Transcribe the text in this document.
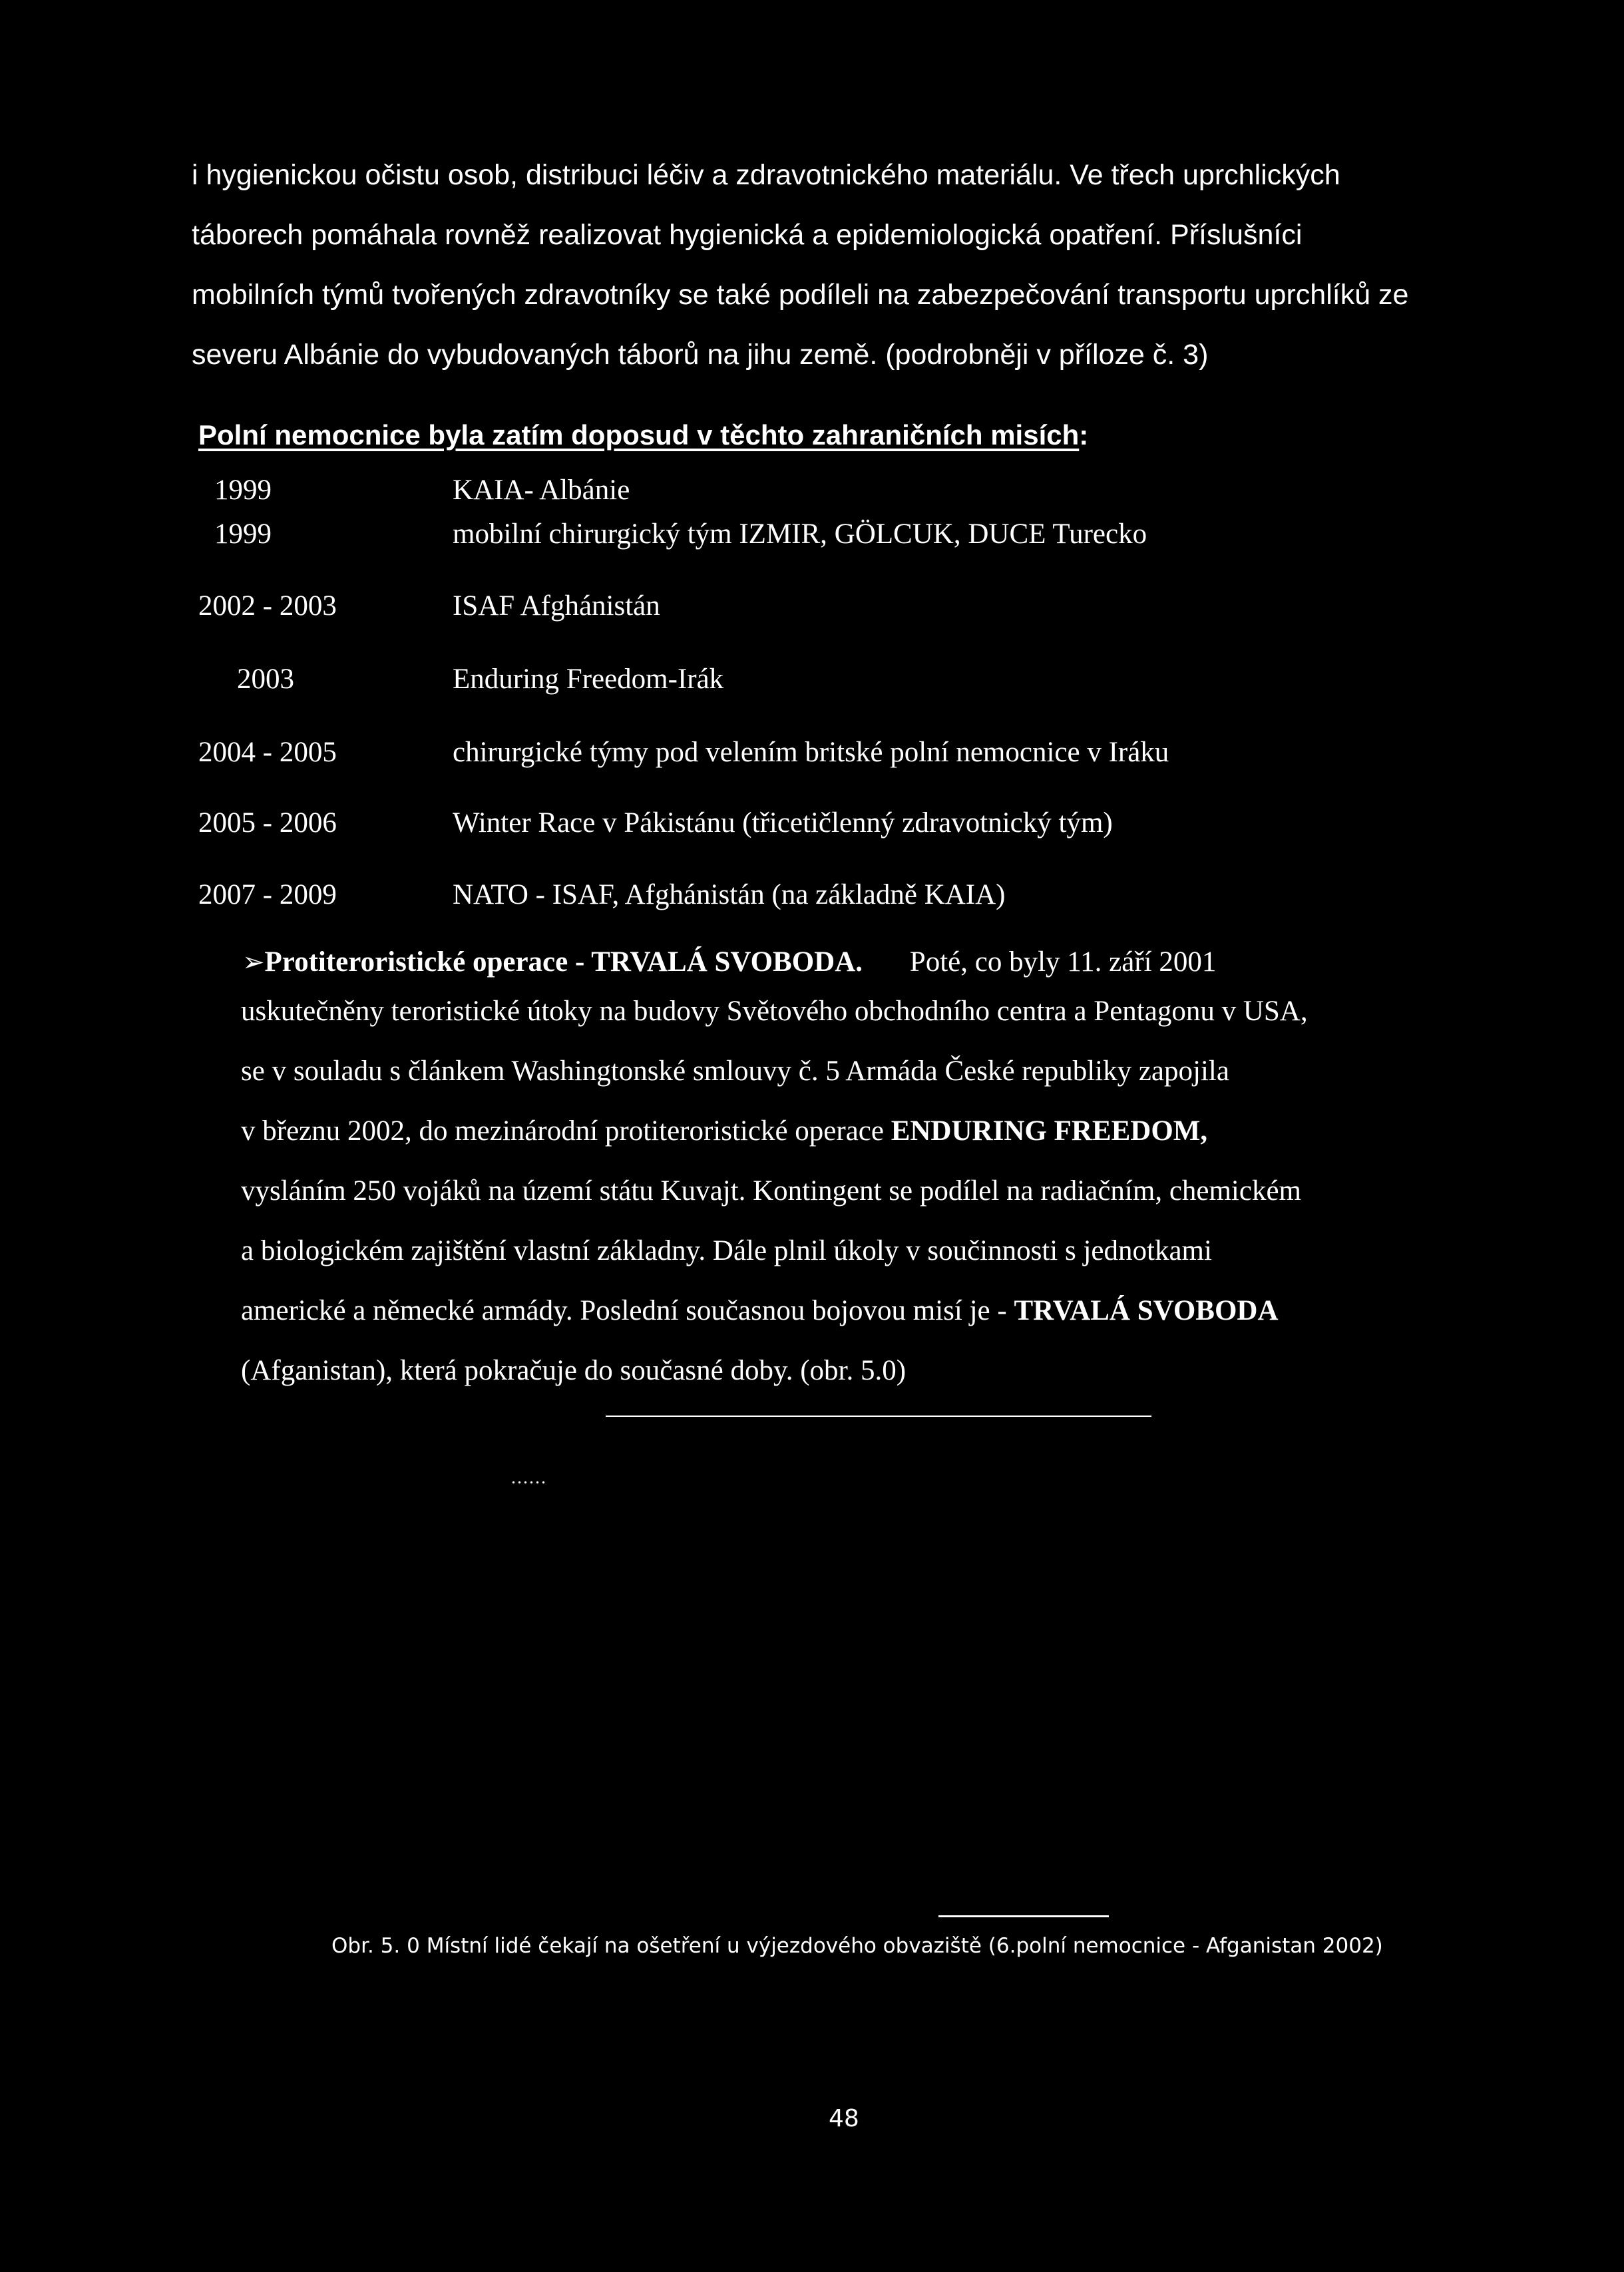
i hygienickou očistu osob, distribuci léčiv a zdravotnického materiálu. Ve třech uprchlických
táborech pomáhala rovněž realizovat hygienická a epidemiologická opatření. Příslušníci
mobilních týmů tvořených zdravotníky se také podíleli na zabezpečování transportu uprchlíků ze
severu Albánie do vybudovaných táborů na jihu země. (podrobněji v příloze č. 3)
Polní nemocnice byla zatím doposud v těchto zahraničních misích:
1999	KAIA- Albánie
1999	mobilní chirurgický tým IZMIR, GÖLCUK, DUCE Turecko
2002 - 2003	ISAF Afghánistán
2003	Enduring Freedom-Irák
2004 - 2005	chirurgické týmy pod velením britské polní nemocnice v Iráku
2005 - 2006	Winter Race v Pákistánu (třicetičlenný zdravotnický tým)
2007 - 2009	NATO - ISAF, Afghánistán (na základně KAIA)
➢Protiteroristické operace - TRVALÁ SVOBODA. Poté, co byly 11. září 2001
uskutečněny teroristické útoky na budovy Světového obchodního centra a Pentagonu v USA,
se v souladu s článkem Washingtonské smlouvy č. 5 Armáda České republiky zapojila
v březnu 2002, do mezinárodní protiteroristické operace ENDURING FREEDOM,
vysláním 250 vojáků na území státu Kuvajt. Kontingent se podílel na radiačním, chemickém
a biologickém zajištění vlastní základny. Dále plnil úkoly v součinnosti s jednotkami
americké a německé armády. Poslední současnou bojovou misí je - TRVALÁ SVOBODA
(Afganistan), která pokračuje do současné doby. (obr. 5.0)
......
Obr. 5. 0 Místní lidé čekají na ošetření u výjezdového obvaziště (6.polní nemocnice - Afganistan 2002)
48
